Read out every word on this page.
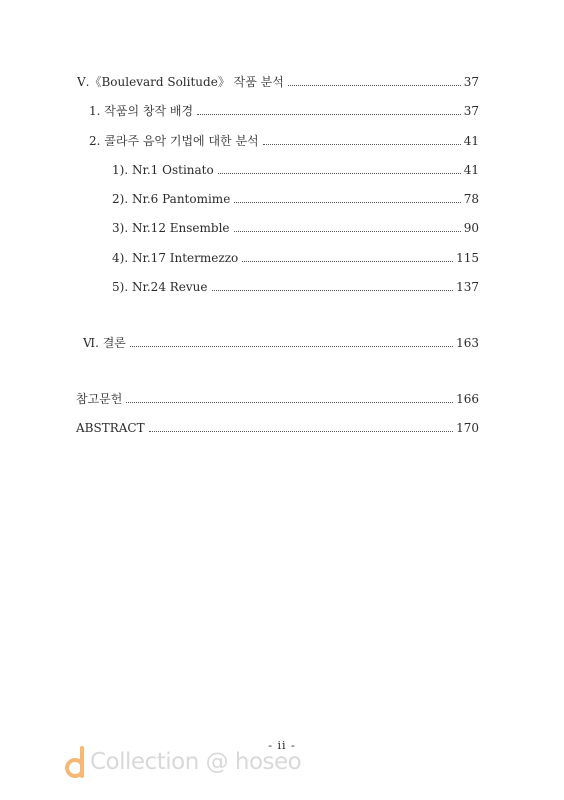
Ⅴ.《Boulevard Solitude》 작품 분석	37
1. 작품의 창작 배경	37
2. 콜라주 음악 기법에 대한 분석	41
1). Nr.1 Ostinato	41
2). Nr.6 Pantomime	78
3). Nr.12 Ensemble	90
4). Nr.17 Intermezzo	115
5). Nr.24 Revue	137
Ⅵ. 결론	163
참고문헌	166
ABSTRACT	170
- ii -
Collection @ hoseo
